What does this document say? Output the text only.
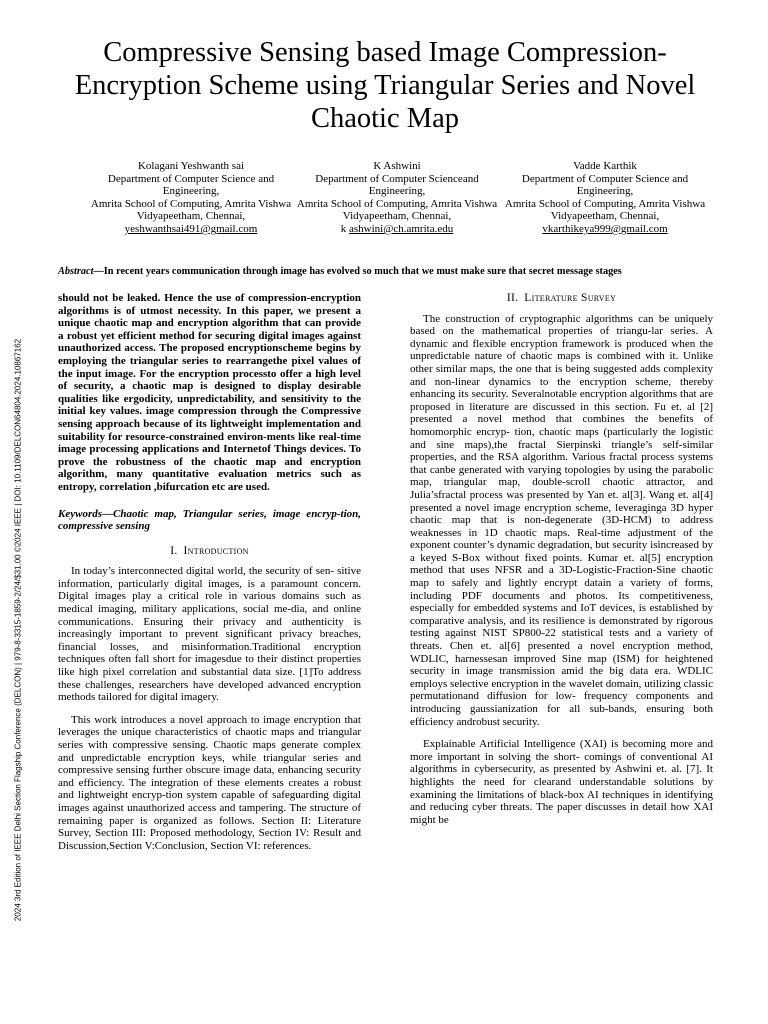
2024 3rd Edition of IEEE Delhi Section Flagship Conference (DELCON) | 979-8-3315-1859-2/24/$31.00 ©2024 IEEE | DOI: 10.1109/DELCON64804.2024.10867162
Compressive Sensing based Image Compression-Encryption Scheme using Triangular Series and Novel Chaotic Map
Kolagani Yeshwanth sai
Department of Computer Science and Engineering,
Amrita School of Computing, Amrita Vishwa Vidyapeetham, Chennai,
yeshwanthsai491@gmail.com
K Ashwini
Department of Computer Scienceand Engineering,
Amrita School of Computing, Amrita Vishwa Vidyapeetham, Chennai,
k ashwini@ch.amrita.edu
Vadde Karthik
Department of Computer Science and Engineering,
Amrita School of Computing, Amrita Vishwa Vidyapeetham, Chennai,
vkarthikeya999@gmail.com
Abstract—In recent years communication through image has evolved so much that we must make sure that secret message stages
should not be leaked. Hence the use of compression-encryption algorithms is of utmost necessity. In this paper, we present a unique chaotic map and encryption algorithm that can provide a robust yet efficient method for securing digital images against unauthorized access. The proposed encryptionscheme begins by employing the triangular series to rearrangethe pixel values of the input image. For the encryption processto offer a high level of security, a chaotic map is designed to display desirable qualities like ergodicity, unpredictability, and sensitivity to the initial key values. image compression through the Compressive sensing approach because of its lightweight implementation and suitability for resource-constrained environ-ments like real-time image processing applications and Internetof Things devices. To prove the robustness of the chaotic map and encryption algorithm, many quantitative evaluation metrics such as entropy, correlation ,bifurcation etc are used.
Keywords—Chaotic map, Triangular series, image encryp-tion, compressive sensing
I. Introduction

In today’s interconnected digital world, the security of sen- sitive information, particularly digital images, is a paramount concern. Digital images play a critical role in various domains such as medical imaging, military applications, social me-dia, and online communications. Ensuring their privacy and authenticity is increasingly important to prevent significant privacy breaches, financial losses, and misinformation.Traditional encryption techniques often fall short for imagesdue to their distinct properties like high pixel correlation and substantial data size. [1]To address these challenges, researchers have developed advanced encryption methods tailored for digital imagery.

This work introduces a novel approach to image encryption that leverages the unique characteristics of chaotic maps and triangular series with compressive sensing. Chaotic maps generate complex and unpredictable encryption keys, while triangular series and compressive sensing further obscure image data, enhancing security and efficiency. The integration of these elements creates a robust and lightweight encryp-tion system capable of safeguarding digital images against unauthorized access and tampering. The structure of remaining paper is organized as follows. Section II: Literature Survey, Section III: Proposed methodology, Section IV: Result and Discussion,Section V:Conclusion, Section VI: references.

II. Literature Survey

The construction of cryptographic algorithms can be uniquely based on the mathematical properties of triangu-lar series. A dynamic and flexible encryption framework is produced when the unpredictable nature of chaotic maps is combined with it. Unlike other similar maps, the one that is being suggested adds complexity and non-linear dynamics to the encryption scheme, thereby enhancing its security. Severalnotable encryption algorithms that are proposed in literature are discussed in this section. Fu et. al [2] presented a novel method that combines the benefits of homomorphic encryp- tion, chaotic maps (particularly the logistic and sine maps),the fractal Sierpinski triangle’s self-similar properties, and the RSA algorithm. Various fractal process systems that canbe generated with varying topologies by using the parabolic map, triangular map, double-scroll chaotic attractor, and Julia’sfractal process was presented by Yan et. al[3]. Wang et. al[4] presented a novel image encryption scheme, leveraginga 3D hyper chaotic map that is non-degenerate (3D-HCM) to address weaknesses in 1D chaotic maps. Real-time adjustment of the exponent counter’s dynamic degradation, but security isincreased by a keyed S-Box without fixed points. Kumar et. al[5] encryption method that uses NFSR and a 3D-Logistic-Fraction-Sine chaotic map to safely and lightly encrypt datain a variety of forms, including PDF documents and photos. Its competitiveness, especially for embedded systems and IoT devices, is established by comparative analysis, and its resilience is demonstrated by rigorous testing against NIST SP800-22 statistical tests and a variety of threats. Chen et. al[6] presented a novel encryption method, WDLIC, harnessesan improved Sine map (ISM) for heightened security in image transmission amid the big data era. WDLIC employs selective encryption in the wavelet domain, utilizing classic permutationand diffusion for low- frequency components and introducing gaussianization for all sub-bands, ensuring both efficiency androbust security.

Explainable Artificial Intelligence (XAI) is becoming more and more important in solving the short- comings of conventional AI algorithms in cybersecurity, as presented by Ashwini et. al. [7]. It highlights the need for clearand understandable solutions by examining the limitations of black-box AI techniques in identifying and reducing cyber threats. The paper discusses in detail how XAI might be
